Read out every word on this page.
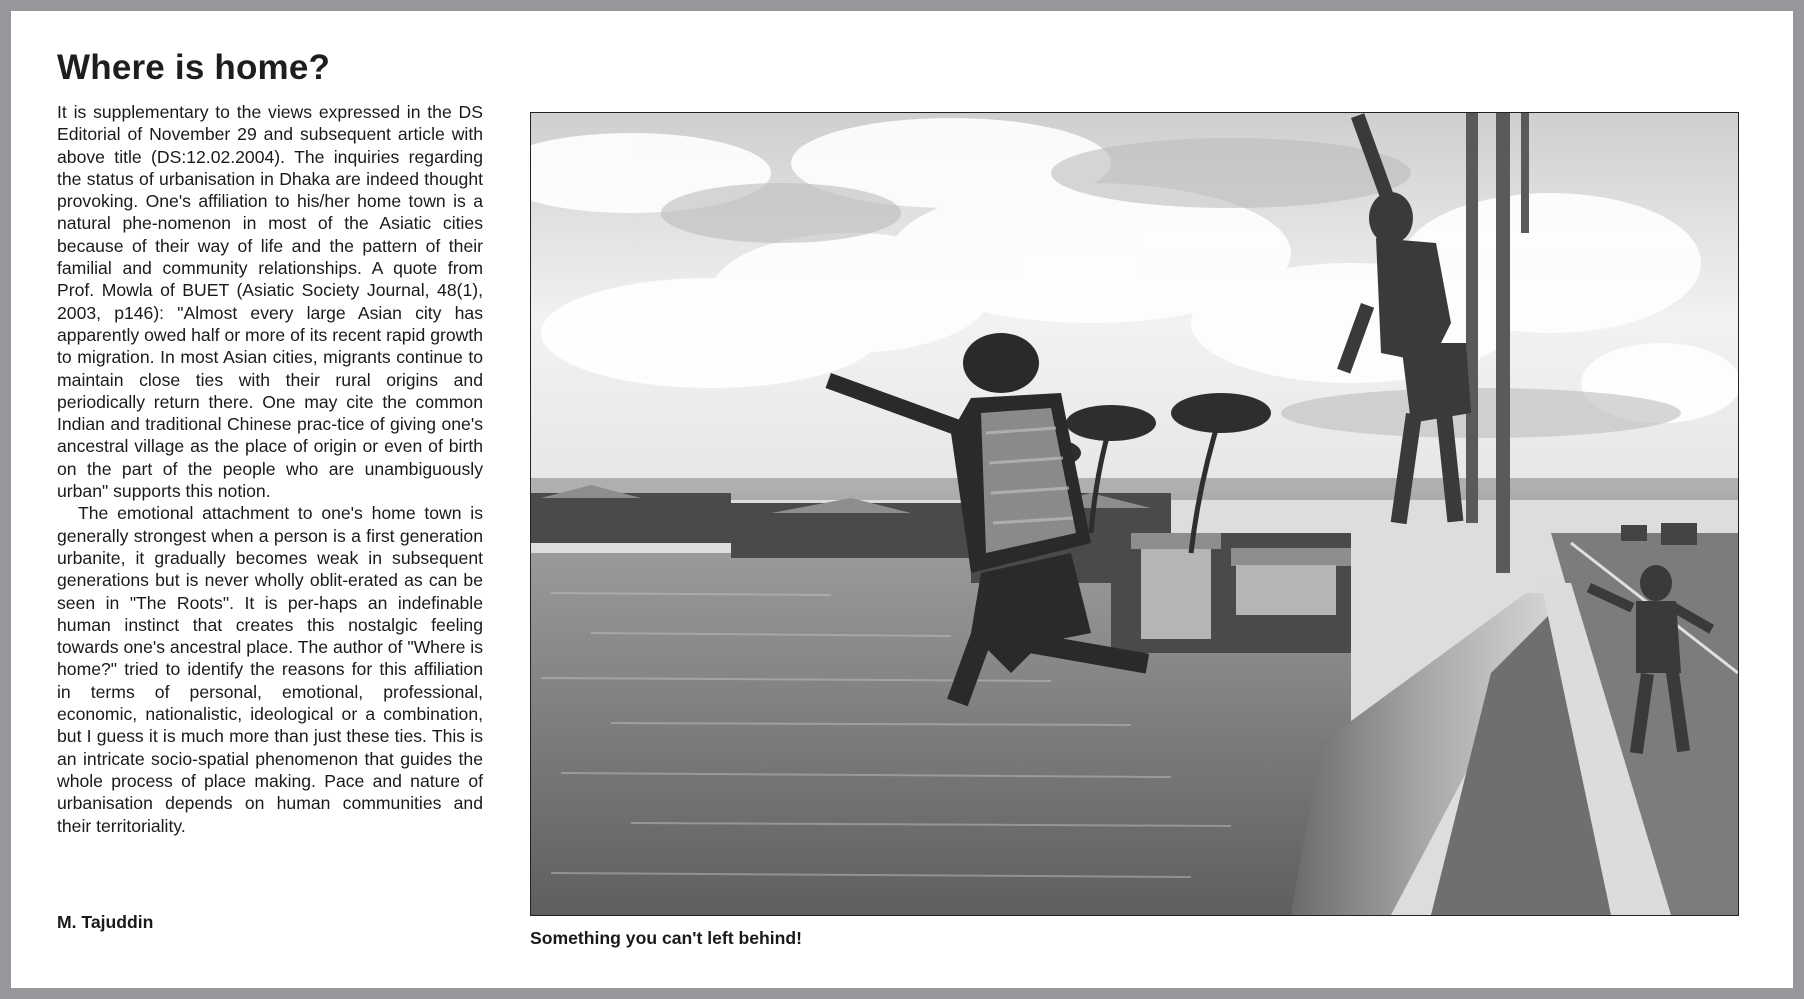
Where is home?

It is supplementary to the views expressed in the DS Editorial of November 29 and subsequent article with above title (DS:12.02.2004). The inquiries regarding the status of urbanisation in Dhaka are indeed thought provoking. One's affiliation to his/her home town is a natural phe-nomenon in most of the Asiatic cities because of their way of life and the pattern of their familial and community relationships. A quote from Prof. Mowla of BUET (Asiatic Society Journal, 48(1), 2003, p146): "Almost every large Asian city has apparently owed half or more of its recent rapid growth to migration. In most Asian cities, migrants continue to maintain close ties with their rural origins and periodically return there. One may cite the common Indian and traditional Chinese prac-tice of giving one's ancestral village as the place of origin or even of birth on the part of the people who are unambiguously urban" supports this notion.

The emotional attachment to one's home town is generally strongest when a person is a first generation urbanite, it gradually becomes weak in subsequent generations but is never wholly oblit-erated as can be seen in "The Roots". It is per-haps an indefinable human instinct that creates this nostalgic feeling towards one's ancestral place. The author of "Where is home?" tried to identify the reasons for this affiliation in terms of personal, emotional, professional, economic, nationalistic, ideological or a combination, but I guess it is much more than just these ties. This is an intricate socio-spatial phenomenon that guides the whole process of place making. Pace and nature of urbanisation depends on human communities and their territoriality.

M. Tajuddin
Something you can't left behind!
